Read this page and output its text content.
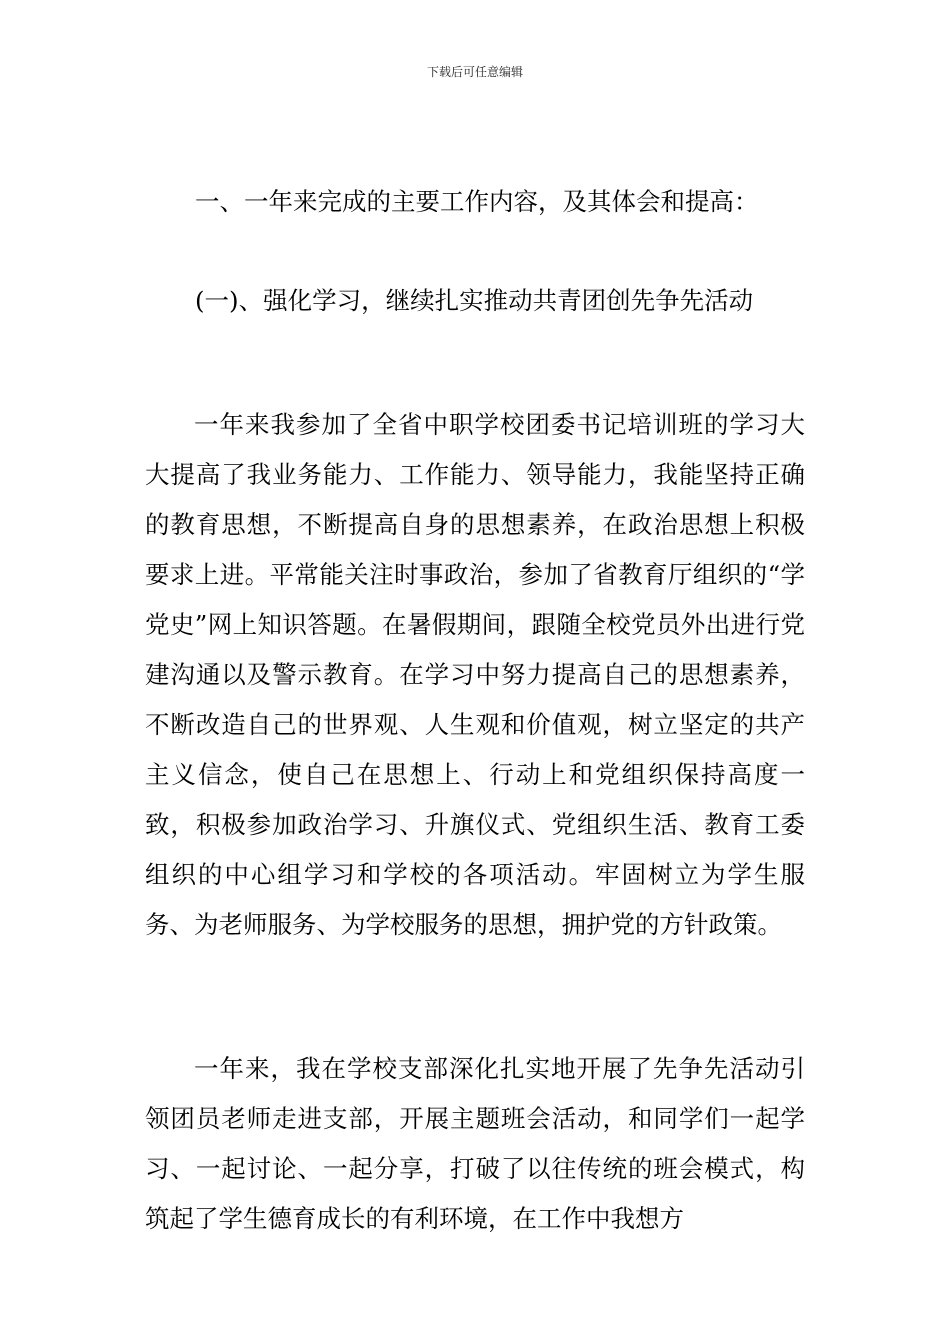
下载后可任意编辑
一、一年来完成的主要工作内容，及其体会和提高：
(一)、强化学习，继续扎实推动共青团创先争先活动

一年来我参加了全省中职学校团委书记培训班的学习大大提高了我业务能力、工作能力、领导能力，我能坚持正确的教育思想，不断提高自身的思想素养，在政治思想上积极要求上进。平常能关注时事政治，参加了省教育厅组织的“学党史”网上知识答题。在暑假期间，跟随全校党员外出进行党建沟通以及警示教育。在学习中努力提高自己的思想素养，不断改造自己的世界观、人生观和价值观，树立坚定的共产主义信念，使自己在思想上、行动上和党组织保持高度一致，积极参加政治学习、升旗仪式、党组织生活、教育工委组织的中心组学习和学校的各项活动。牢固树立为学生服务、为老师服务、为学校服务的思想，拥护党的方针政策。

一年来，我在学校支部深化扎实地开展了先争先活动引领团员老师走进支部，开展主题班会活动，和同学们一起学习、一起讨论、一起分享，打破了以往传统的班会模式，构筑起了学生德育成长的有利环境，在工作中我想方
